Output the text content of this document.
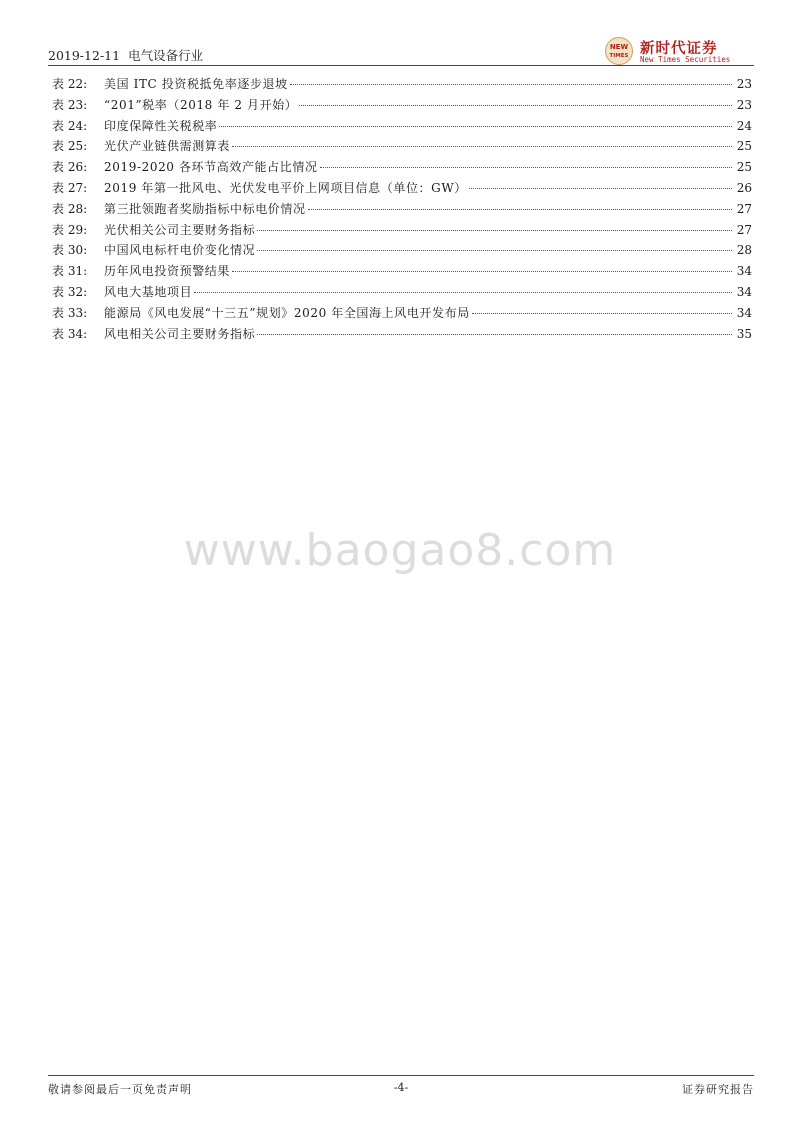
2019-12-11 电气设备行业
NEW
TIMES 新时代证券
New Times Securities
表 22:	美国 ITC 投资税抵免率逐步退坡	23
表 23:	“201”税率（2018 年 2 月开始）	23
表 24:	印度保障性关税税率	24
表 25:	光伏产业链供需测算表	25
表 26:	2019-2020 各环节高效产能占比情况	25
表 27:	2019 年第一批风电、光伏发电平价上网项目信息（单位：GW）	26
表 28:	第三批领跑者奖励指标中标电价情况	27
表 29:	光伏相关公司主要财务指标	27
表 30:	中国风电标杆电价变化情况	28
表 31:	历年风电投资预警结果	34
表 32:	风电大基地项目	34
表 33:	能源局《风电发展“十三五”规划》2020 年全国海上风电开发布局	34
表 34:	风电相关公司主要财务指标	35
www.baogao8.com
敬请参阅最后一页免责声明	-4-	证券研究报告
